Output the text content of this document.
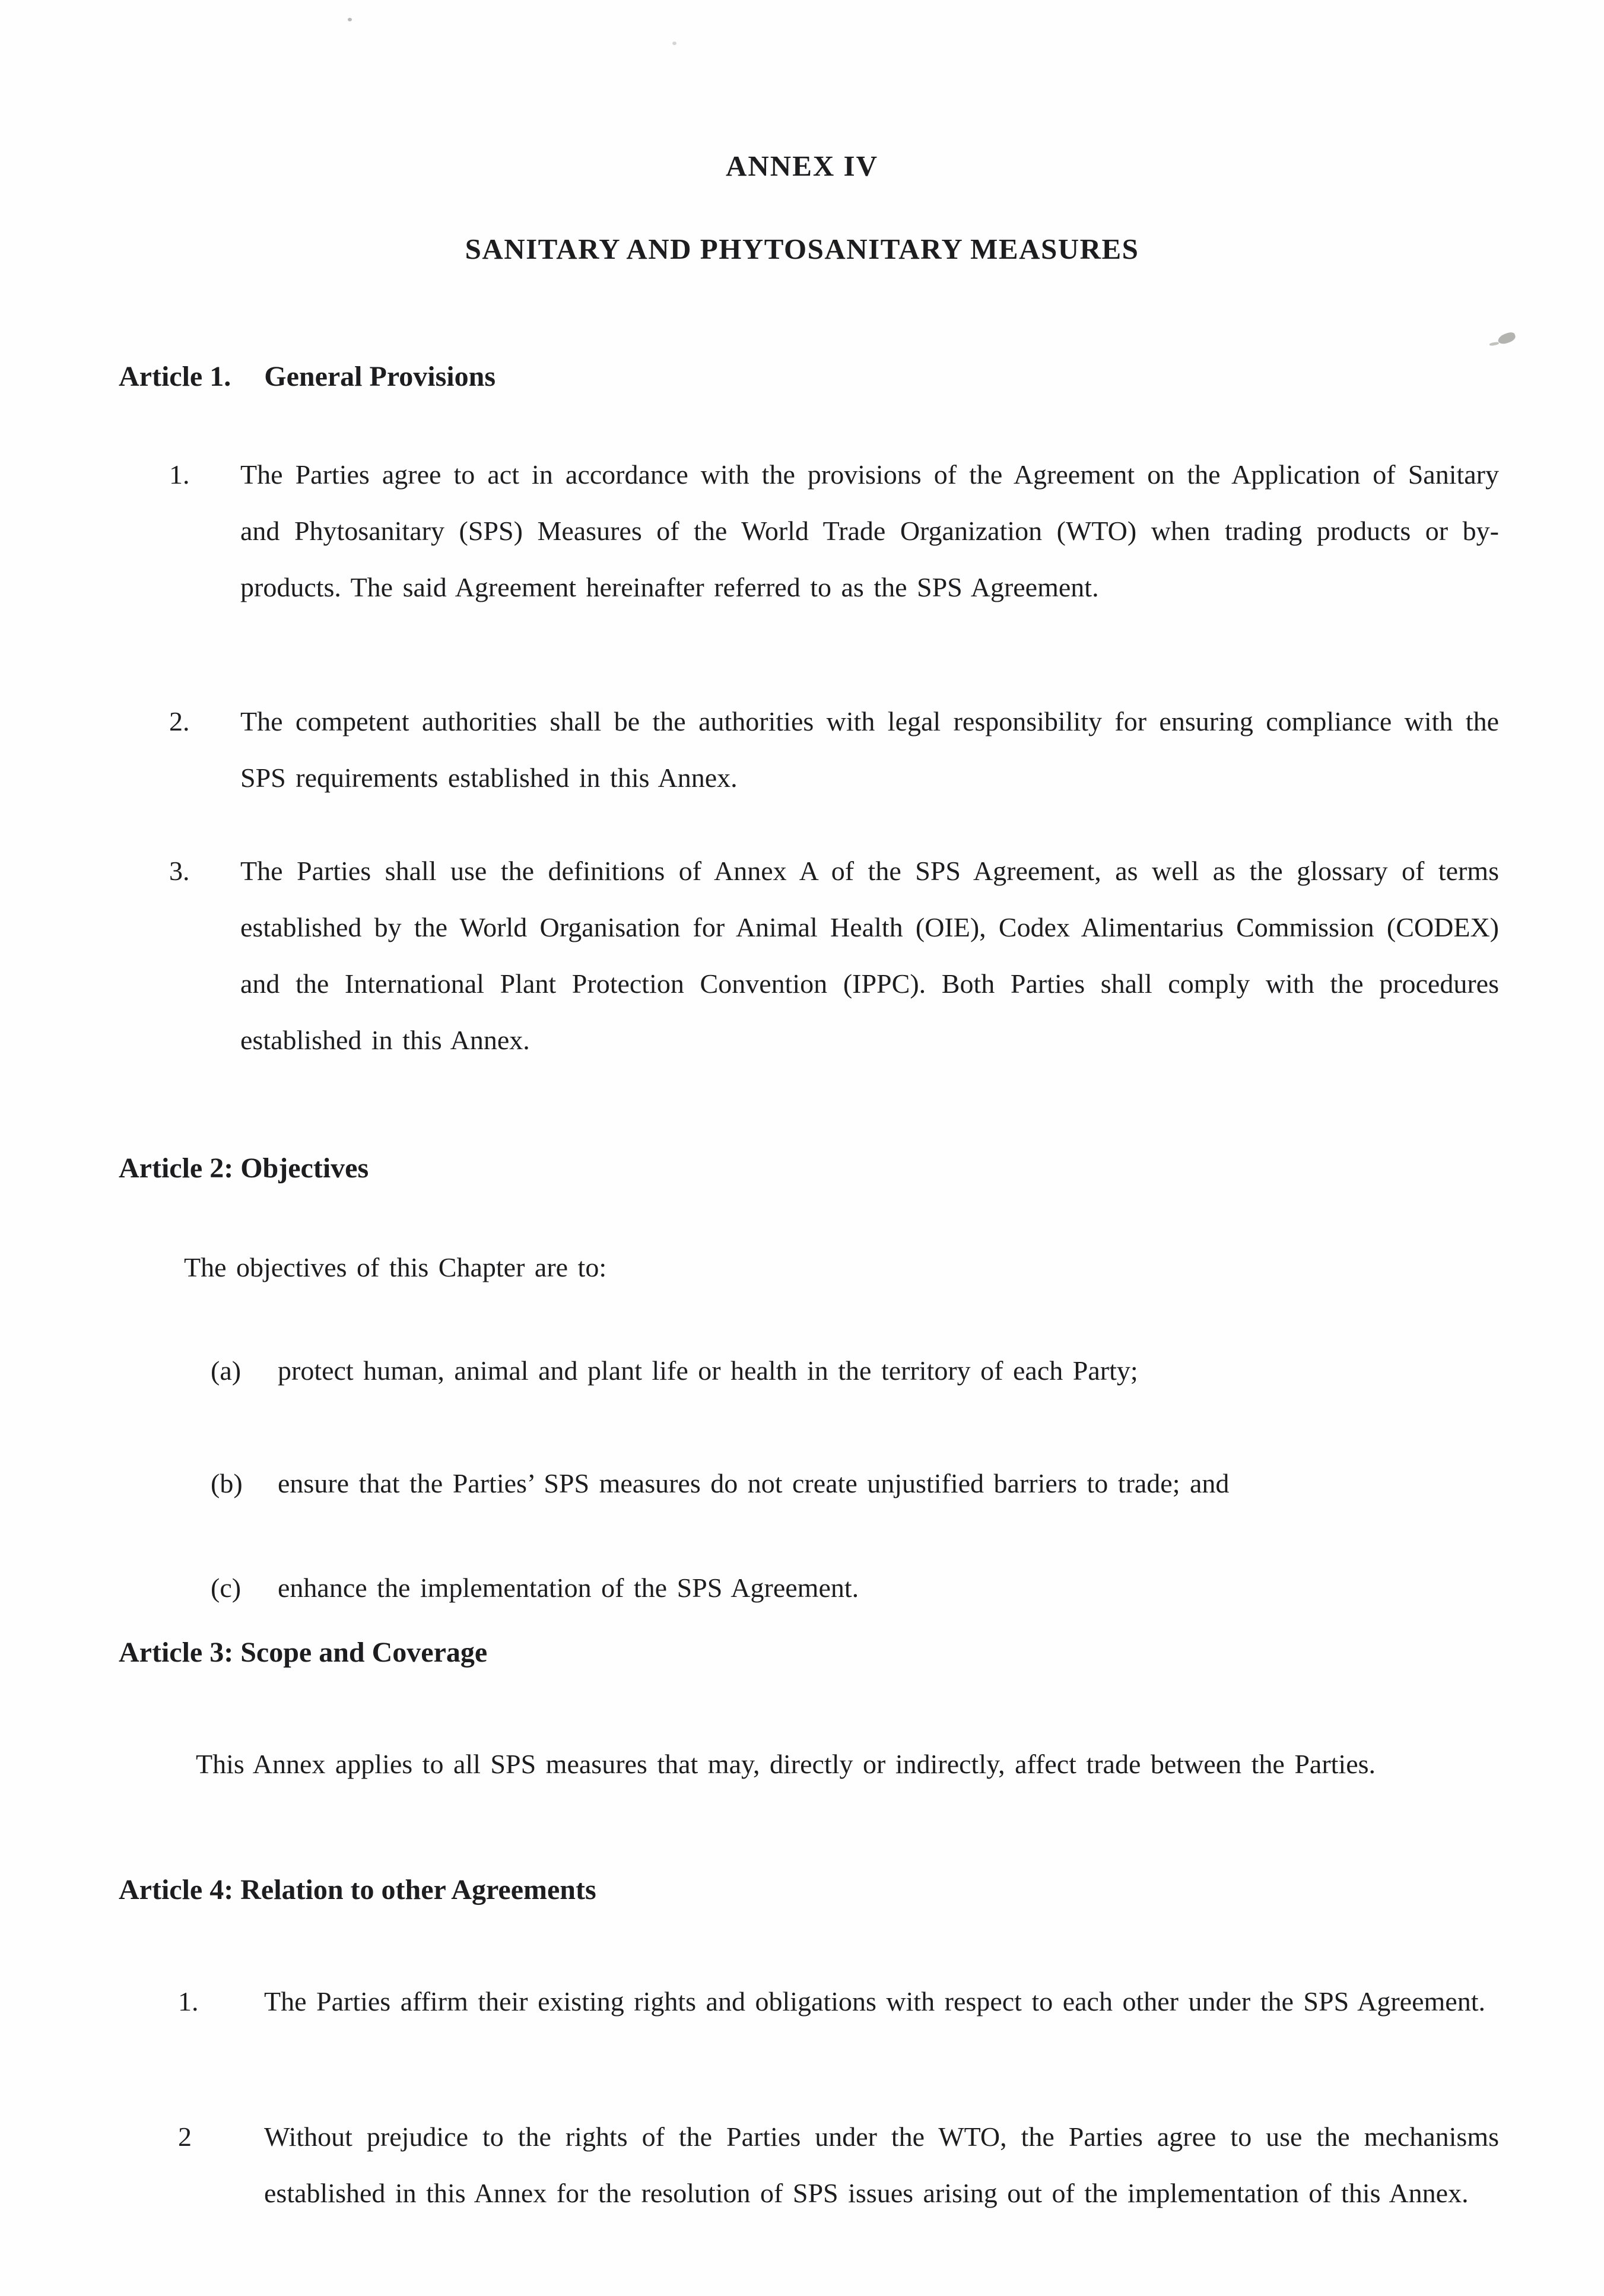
ANNEX IV
SANITARY AND PHYTOSANITARY MEASURES
Article 1. General Provisions
1.	The Parties agree to act in accordance with the provisions of the Agreement on the Application of Sanitary and Phytosanitary (SPS) Measures of the World Trade Organization (WTO) when trading products or by-products. The said Agreement hereinafter referred to as the SPS Agreement.
2.	The competent authorities shall be the authorities with legal responsibility for ensuring compliance with the SPS requirements established in this Annex.
3.	The Parties shall use the definitions of Annex A of the SPS Agreement, as well as the glossary of terms established by the World Organisation for Animal Health (OIE), Codex Alimentarius Commission (CODEX) and the International Plant Protection Convention (IPPC). Both Parties shall comply with the procedures established in this Annex.
Article 2: Objectives

The objectives of this Chapter are to:

(a)	protect human, animal and plant life or health in the territory of each Party;
(b)	ensure that the Parties’ SPS measures do not create unjustified barriers to trade; and
(c)	enhance the implementation of the SPS Agreement.
Article 3: Scope and Coverage

This Annex applies to all SPS measures that may, directly or indirectly, affect trade between the Parties.

Article 4: Relation to other Agreements
1.	The Parties affirm their existing rights and obligations with respect to each other under the SPS Agreement.
2	Without prejudice to the rights of the Parties under the WTO, the Parties agree to use the mechanisms established in this Annex for the resolution of SPS issues arising out of the implementation of this Annex.
